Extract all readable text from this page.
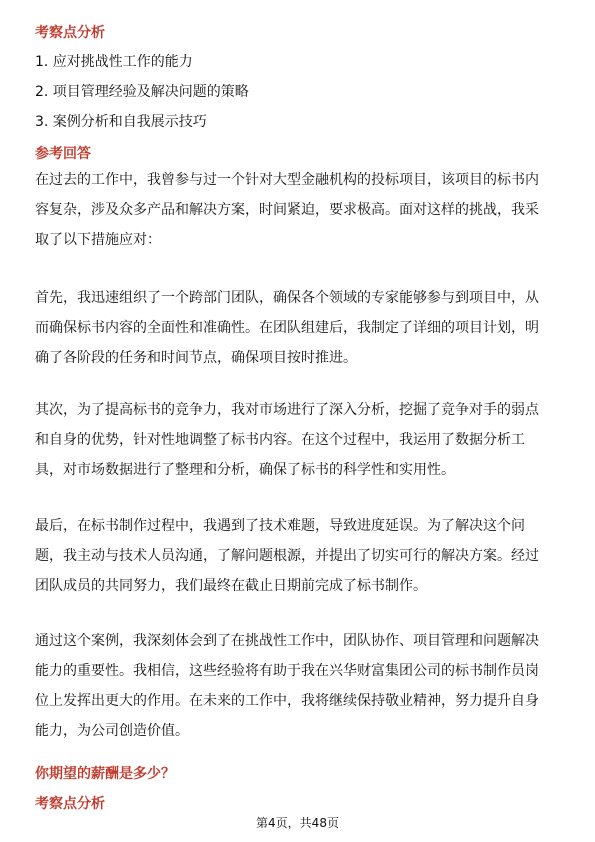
考察点分析
1. 应对挑战性工作的能力
2. 项目管理经验及解决问题的策略
3. 案例分析和自我展示技巧
参考回答
在过去的工作中，我曾参与过一个针对大型金融机构的投标项目，该项目的标书内
容复杂，涉及众多产品和解决方案，时间紧迫，要求极高。面对这样的挑战，我采
取了以下措施应对：
首先，我迅速组织了一个跨部门团队，确保各个领域的专家能够参与到项目中，从
而确保标书内容的全面性和准确性。在团队组建后，我制定了详细的项目计划，明
确了各阶段的任务和时间节点，确保项目按时推进。
其次，为了提高标书的竞争力，我对市场进行了深入分析，挖掘了竞争对手的弱点
和自身的优势，针对性地调整了标书内容。在这个过程中，我运用了数据分析工
具，对市场数据进行了整理和分析，确保了标书的科学性和实用性。
最后，在标书制作过程中，我遇到了技术难题，导致进度延误。为了解决这个问
题，我主动与技术人员沟通，了解问题根源，并提出了切实可行的解决方案。经过
团队成员的共同努力，我们最终在截止日期前完成了标书制作。
通过这个案例，我深刻体会到了在挑战性工作中，团队协作、项目管理和问题解决
能力的重要性。我相信，这些经验将有助于我在兴华财富集团公司的标书制作员岗
位上发挥出更大的作用。在未来的工作中，我将继续保持敬业精神，努力提升自身
能力，为公司创造价值。
你期望的薪酬是多少？
考察点分析
第4页，共48页
